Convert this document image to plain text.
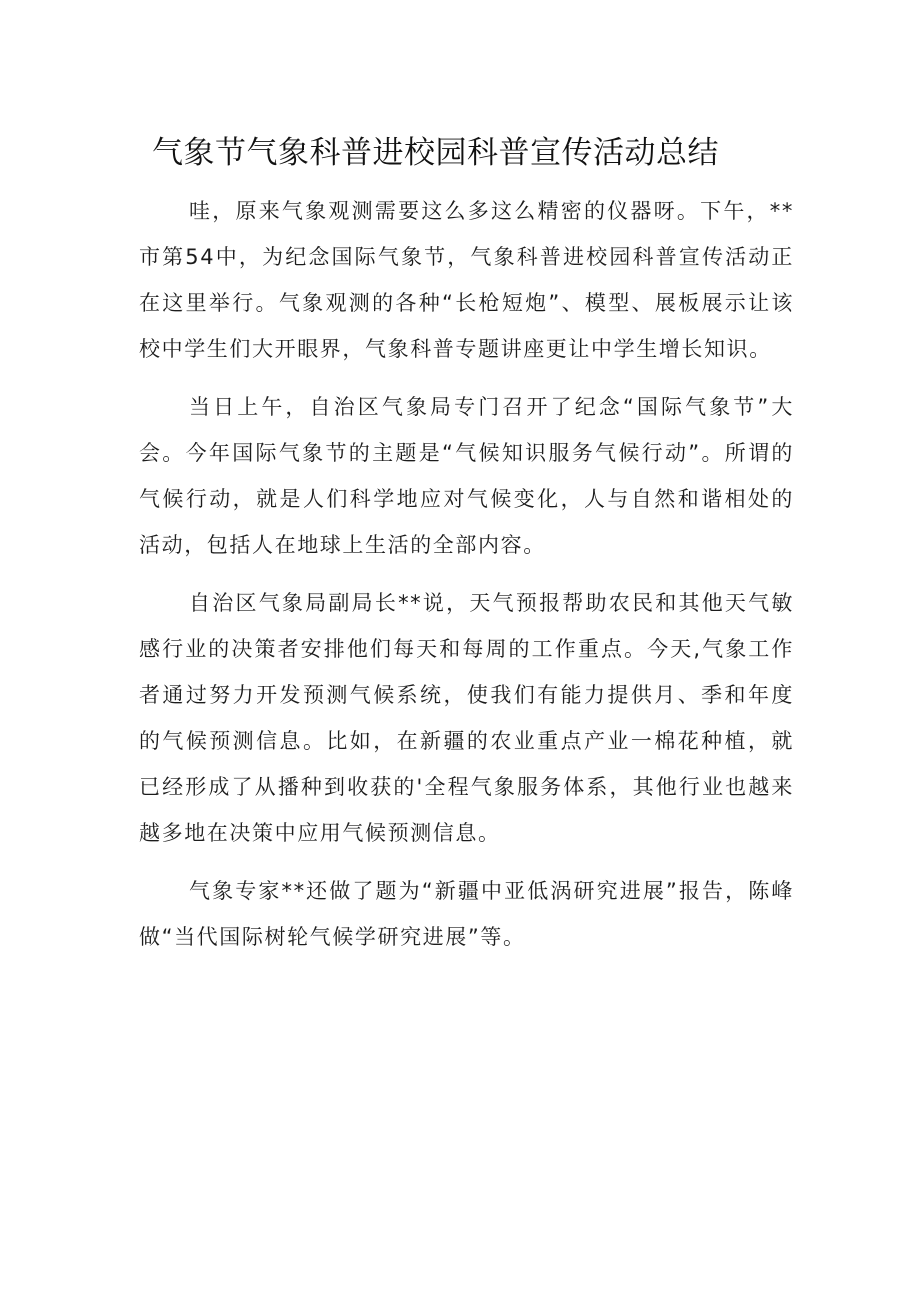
气象节气象科普进校园科普宣传活动总结

哇，原来气象观测需要这么多这么精密的仪器呀。下午，**市第54中，为纪念国际气象节，气象科普进校园科普宣传活动正在这里举行。气象观测的各种“长枪短炮”、模型、展板展示让该校中学生们大开眼界，气象科普专题讲座更让中学生增长知识。

当日上午，自治区气象局专门召开了纪念“国际气象节”大会。今年国际气象节的主题是“气候知识服务气候行动”。所谓的气候行动，就是人们科学地应对气候变化，人与自然和谐相处的活动，包括人在地球上生活的全部内容。

自治区气象局副局长**说，天气预报帮助农民和其他天气敏感行业的决策者安排他们每天和每周的工作重点。今天,气象工作者通过努力开发预测气候系统，使我们有能力提供月、季和年度的气候预测信息。比如，在新疆的农业重点产业一棉花种植，就已经形成了从播种到收获的'全程气象服务体系，其他行业也越来越多地在决策中应用气候预测信息。

气象专家**还做了题为“新疆中亚低涡研究进展”报告，陈峰做“当代国际树轮气候学研究进展”等。
